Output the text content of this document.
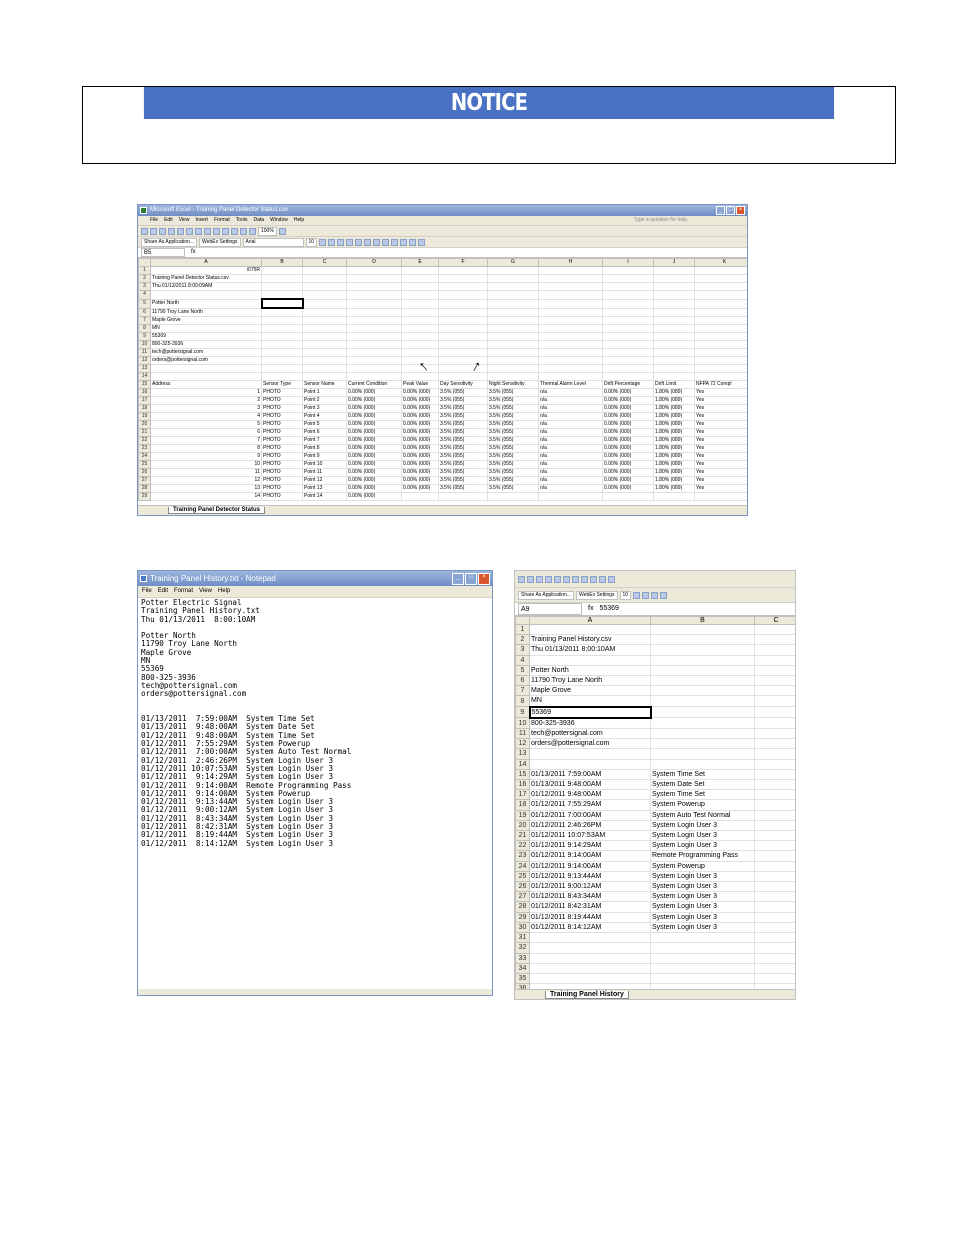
NOTICE
Microsoft Excel - Training Panel Detector Status.csv	_	□	×
File Edit View Insert Format Tools Data Window Help	Type a question for help
100%
Share As Application...	WebEx Settings	Arial	10
B5	fx
	A	B	C	D	E	F	G	H	I	J	K
1	i075R										
2	Training Panel Detector Status.csv										
3	Thu 01/13/2011 8:00:09AM										
4											
5	Potter North										
6	11790 Troy Lane North										
7	Maple Grove										
8	MN										
9	55369										
10	800-325-3936										
11	tech@pottersignal.com										
12	orders@pottersignal.com										
13											
14											
15	Address	Sensor Type	Sensor Name	Current Condition	Peak Value	Day Sensitivity	Night Sensitivity	Thermal Alarm Level	Drift Percentage	Drift Limit	NFPA 72 Compl
16	1	PHOTO	Point 1	0.00% (000)	0.00% (000)	3.5% (055)	3.5% (055)	n/a	0.00% (000)	1.80% (089)	Yes
17	2	PHOTO	Point 2	0.00% (000)	0.00% (000)	3.5% (055)	3.5% (055)	n/a	0.00% (000)	1.80% (089)	Yes
18	3	PHOTO	Point 3	0.00% (000)	0.00% (000)	3.5% (055)	3.5% (055)	n/a	0.00% (000)	1.80% (089)	Yes
19	4	PHOTO	Point 4	0.00% (000)	0.00% (000)	3.5% (055)	3.5% (055)	n/a	0.00% (000)	1.80% (089)	Yes
20	5	PHOTO	Point 5	0.00% (000)	0.00% (000)	3.5% (055)	3.5% (055)	n/a	0.00% (000)	1.80% (089)	Yes
21	6	PHOTO	Point 6	0.00% (000)	0.00% (000)	3.5% (055)	3.5% (055)	n/a	0.00% (000)	1.80% (089)	Yes
22	7	PHOTO	Point 7	0.00% (000)	0.00% (000)	3.5% (055)	3.5% (055)	n/a	0.00% (000)	1.80% (089)	Yes
23	8	PHOTO	Point 8	0.00% (000)	0.00% (000)	3.5% (055)	3.5% (055)	n/a	0.00% (000)	1.80% (089)	Yes
24	9	PHOTO	Point 9	0.00% (000)	0.00% (000)	3.5% (055)	3.5% (055)	n/a	0.00% (000)	1.80% (089)	Yes
25	10	PHOTO	Point 10	0.00% (000)	0.00% (000)	3.5% (055)	3.5% (055)	n/a	0.00% (000)	1.80% (089)	Yes
26	11	PHOTO	Point 11	0.00% (000)	0.00% (000)	3.5% (055)	3.5% (055)	n/a	0.00% (000)	1.80% (089)	Yes
27	12	PHOTO	Point 12	0.00% (000)	0.00% (000)	3.5% (055)	3.5% (055)	n/a	0.00% (000)	1.80% (089)	Yes
28	13	PHOTO	Point 13	0.00% (000)	0.00% (000)	3.5% (055)	3.5% (055)	n/a	0.00% (000)	1.80% (089)	Yes
29	14	PHOTO	Point 14	0.00% (000)							
Training Panel Detector Status
↑ ↑
Training Panel History.txt - Notepad	_	□	×
File Edit Format View Help
Potter Electric Signal
Training Panel History.txt
Thu 01/13/2011  8:00:10AM
Potter North
11790 Troy Lane North
Maple Grove
MN
55369
800-325-3936
tech@pottersignal.com
orders@pottersignal.com
01/13/2011  7:59:00AM  System Time Set
01/13/2011  9:48:00AM  System Date Set
01/12/2011  9:48:00AM  System Time Set
01/12/2011  7:55:29AM  System Powerup
01/12/2011  7:00:00AM  System Auto Test Normal
01/12/2011  2:46:26PM  System Login User 3
01/12/2011 10:07:53AM  System Login User 3
01/12/2011  9:14:29AM  System Login User 3
01/12/2011  9:14:00AM  Remote Programming Pass
01/12/2011  9:14:00AM  System Powerup
01/12/2011  9:13:44AM  System Login User 3
01/12/2011  9:00:12AM  System Login User 3
01/12/2011  8:43:34AM  System Login User 3
01/12/2011  8:42:31AM  System Login User 3
01/12/2011  8:19:44AM  System Login User 3
01/12/2011  8:14:12AM  System Login User 3
Share As Application...	WebEx Settings	10
A9	fx 55369
	A	B	C
1			
2	Training Panel History.csv		
3	Thu 01/13/2011 8:00:10AM		
4			
5	Potter North		
6	11790 Troy Lane North		
7	Maple Grove		
8	MN		
9	55369		
10	800-325-3936		
11	tech@pottersignal.com		
12	orders@pottersignal.com		
13			
14			
15	01/13/2011 7:59:00AM	System Time Set	
16	01/13/2011 9:48:00AM	System Date Set	
17	01/12/2011 9:48:00AM	System Time Set	
18	01/12/2011 7:55:29AM	System Powerup	
19	01/12/2011 7:00:00AM	System Auto Test Normal	
20	01/12/2011 2:46:26PM	System Login User 3	
21	01/12/2011 10:07:53AM	System Login User 3	
22	01/12/2011 9:14:29AM	System Login User 3	
23	01/12/2011 9:14:00AM	Remote Programming Pass	
24	01/12/2011 9:14:00AM	System Powerup	
25	01/12/2011 9:13:44AM	System Login User 3	
26	01/12/2011 9:00:12AM	System Login User 3	
27	01/12/2011 8:43:34AM	System Login User 3	
28	01/12/2011 8:42:31AM	System Login User 3	
29	01/12/2011 8:19:44AM	System Login User 3	
30	01/12/2011 8:14:12AM	System Login User 3	
31			
32			
33			
34			
35			

Training Panel History
